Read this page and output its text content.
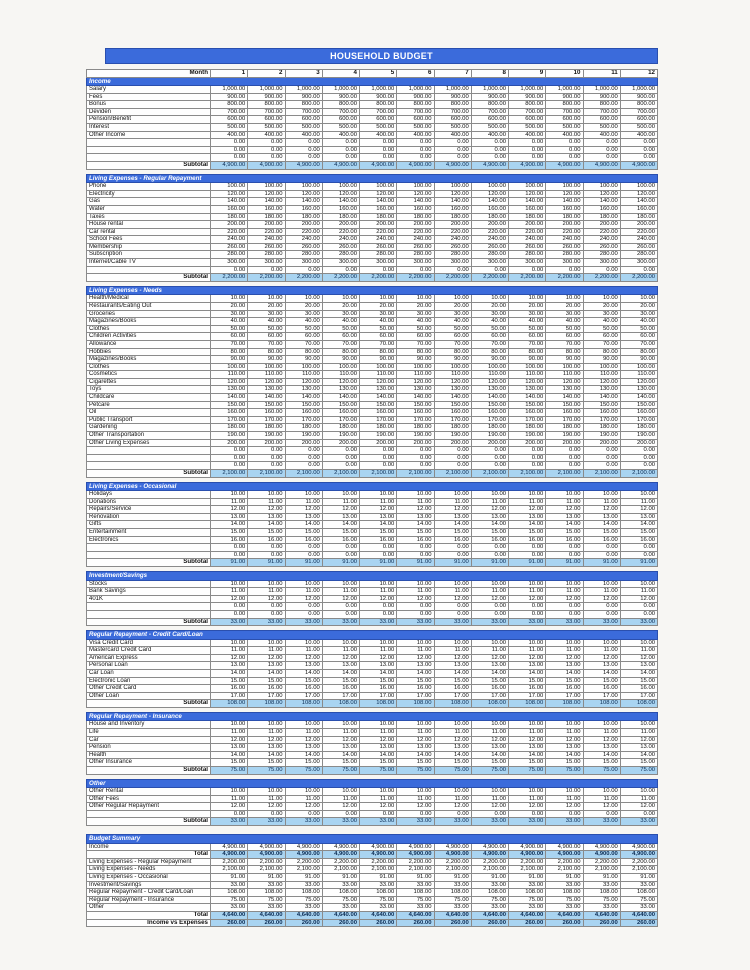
HOUSEHOLD BUDGET
Month	1	2	3	4	5	6	7	8	9	10	11	12
Income												
Salary	1,000.00	1,000.00	1,000.00	1,000.00	1,000.00	1,000.00	1,000.00	1,000.00	1,000.00	1,000.00	1,000.00	1,000.00
Fees	900.00	900.00	900.00	900.00	900.00	900.00	900.00	900.00	900.00	900.00	900.00	900.00
Bonus	800.00	800.00	800.00	800.00	800.00	800.00	800.00	800.00	800.00	800.00	800.00	800.00
Deviden	700.00	700.00	700.00	700.00	700.00	700.00	700.00	700.00	700.00	700.00	700.00	700.00
Pension/Benefit	600.00	600.00	600.00	600.00	600.00	600.00	600.00	600.00	600.00	600.00	600.00	600.00
Interest	500.00	500.00	500.00	500.00	500.00	500.00	500.00	500.00	500.00	500.00	500.00	500.00
Other Income	400.00	400.00	400.00	400.00	400.00	400.00	400.00	400.00	400.00	400.00	400.00	400.00
	0.00	0.00	0.00	0.00	0.00	0.00	0.00	0.00	0.00	0.00	0.00	0.00
	0.00	0.00	0.00	0.00	0.00	0.00	0.00	0.00	0.00	0.00	0.00	0.00
	0.00	0.00	0.00	0.00	0.00	0.00	0.00	0.00	0.00	0.00	0.00	0.00
Subtotal	4,900.00	4,900.00	4,900.00	4,900.00	4,900.00	4,900.00	4,900.00	4,900.00	4,900.00	4,900.00	4,900.00	4,900.00
Living Expenses - Regular Repayment												
Phone	100.00	100.00	100.00	100.00	100.00	100.00	100.00	100.00	100.00	100.00	100.00	100.00
Electricity	120.00	120.00	120.00	120.00	120.00	120.00	120.00	120.00	120.00	120.00	120.00	120.00
Gas	140.00	140.00	140.00	140.00	140.00	140.00	140.00	140.00	140.00	140.00	140.00	140.00
Water	160.00	160.00	160.00	160.00	160.00	160.00	160.00	160.00	160.00	160.00	160.00	160.00
Taxes	180.00	180.00	180.00	180.00	180.00	180.00	180.00	180.00	180.00	180.00	180.00	180.00
House rental	200.00	200.00	200.00	200.00	200.00	200.00	200.00	200.00	200.00	200.00	200.00	200.00
Car rental	220.00	220.00	220.00	220.00	220.00	220.00	220.00	220.00	220.00	220.00	220.00	220.00
School Fees	240.00	240.00	240.00	240.00	240.00	240.00	240.00	240.00	240.00	240.00	240.00	240.00
Membership	260.00	260.00	260.00	260.00	260.00	260.00	260.00	260.00	260.00	260.00	260.00	260.00
Subscription	280.00	280.00	280.00	280.00	280.00	280.00	280.00	280.00	280.00	280.00	280.00	280.00
Internet/Cable TV	300.00	300.00	300.00	300.00	300.00	300.00	300.00	300.00	300.00	300.00	300.00	300.00
	0.00	0.00	0.00	0.00	0.00	0.00	0.00	0.00	0.00	0.00	0.00	0.00
Subtotal	2,200.00	2,200.00	2,200.00	2,200.00	2,200.00	2,200.00	2,200.00	2,200.00	2,200.00	2,200.00	2,200.00	2,200.00
Living Expenses - Needs												
Health/Medical	10.00	10.00	10.00	10.00	10.00	10.00	10.00	10.00	10.00	10.00	10.00	10.00
Restaurants/Eating Out	20.00	20.00	20.00	20.00	20.00	20.00	20.00	20.00	20.00	20.00	20.00	20.00
Groceries	30.00	30.00	30.00	30.00	30.00	30.00	30.00	30.00	30.00	30.00	30.00	30.00
Magazines/Books	40.00	40.00	40.00	40.00	40.00	40.00	40.00	40.00	40.00	40.00	40.00	40.00
Clothes	50.00	50.00	50.00	50.00	50.00	50.00	50.00	50.00	50.00	50.00	50.00	50.00
Children Activities	60.00	60.00	60.00	60.00	60.00	60.00	60.00	60.00	60.00	60.00	60.00	60.00
Allowance	70.00	70.00	70.00	70.00	70.00	70.00	70.00	70.00	70.00	70.00	70.00	70.00
Hobbies	80.00	80.00	80.00	80.00	80.00	80.00	80.00	80.00	80.00	80.00	80.00	80.00
Magazines/Books	90.00	90.00	90.00	90.00	90.00	90.00	90.00	90.00	90.00	90.00	90.00	90.00
Clothes	100.00	100.00	100.00	100.00	100.00	100.00	100.00	100.00	100.00	100.00	100.00	100.00
Cosmetics	110.00	110.00	110.00	110.00	110.00	110.00	110.00	110.00	110.00	110.00	110.00	110.00
Cigarettes	120.00	120.00	120.00	120.00	120.00	120.00	120.00	120.00	120.00	120.00	120.00	120.00
Toys	130.00	130.00	130.00	130.00	130.00	130.00	130.00	130.00	130.00	130.00	130.00	130.00
Childcare	140.00	140.00	140.00	140.00	140.00	140.00	140.00	140.00	140.00	140.00	140.00	140.00
Petcare	150.00	150.00	150.00	150.00	150.00	150.00	150.00	150.00	150.00	150.00	150.00	150.00
Oil	160.00	160.00	160.00	160.00	160.00	160.00	160.00	160.00	160.00	160.00	160.00	160.00
Public Transport	170.00	170.00	170.00	170.00	170.00	170.00	170.00	170.00	170.00	170.00	170.00	170.00
Gardening	180.00	180.00	180.00	180.00	180.00	180.00	180.00	180.00	180.00	180.00	180.00	180.00
Other Transportation	190.00	190.00	190.00	190.00	190.00	190.00	190.00	190.00	190.00	190.00	190.00	190.00
Other Living Expenses	200.00	200.00	200.00	200.00	200.00	200.00	200.00	200.00	200.00	200.00	200.00	200.00
	0.00	0.00	0.00	0.00	0.00	0.00	0.00	0.00	0.00	0.00	0.00	0.00
	0.00	0.00	0.00	0.00	0.00	0.00	0.00	0.00	0.00	0.00	0.00	0.00
	0.00	0.00	0.00	0.00	0.00	0.00	0.00	0.00	0.00	0.00	0.00	0.00
Subtotal	2,100.00	2,100.00	2,100.00	2,100.00	2,100.00	2,100.00	2,100.00	2,100.00	2,100.00	2,100.00	2,100.00	2,100.00
Living Expenses - Occasional												
Holidays	10.00	10.00	10.00	10.00	10.00	10.00	10.00	10.00	10.00	10.00	10.00	10.00
Donations	11.00	11.00	11.00	11.00	11.00	11.00	11.00	11.00	11.00	11.00	11.00	11.00
Repairs/Service	12.00	12.00	12.00	12.00	12.00	12.00	12.00	12.00	12.00	12.00	12.00	12.00
Renovation	13.00	13.00	13.00	13.00	13.00	13.00	13.00	13.00	13.00	13.00	13.00	13.00
Gifts	14.00	14.00	14.00	14.00	14.00	14.00	14.00	14.00	14.00	14.00	14.00	14.00
Entertainment	15.00	15.00	15.00	15.00	15.00	15.00	15.00	15.00	15.00	15.00	15.00	15.00
Electronics	16.00	16.00	16.00	16.00	16.00	16.00	16.00	16.00	16.00	16.00	16.00	16.00
	0.00	0.00	0.00	0.00	0.00	0.00	0.00	0.00	0.00	0.00	0.00	0.00
	0.00	0.00	0.00	0.00	0.00	0.00	0.00	0.00	0.00	0.00	0.00	0.00
Subtotal	91.00	91.00	91.00	91.00	91.00	91.00	91.00	91.00	91.00	91.00	91.00	91.00
Investment/Savings												
Stocks	10.00	10.00	10.00	10.00	10.00	10.00	10.00	10.00	10.00	10.00	10.00	10.00
Bank Savings	11.00	11.00	11.00	11.00	11.00	11.00	11.00	11.00	11.00	11.00	11.00	11.00
401K	12.00	12.00	12.00	12.00	12.00	12.00	12.00	12.00	12.00	12.00	12.00	12.00
	0.00	0.00	0.00	0.00	0.00	0.00	0.00	0.00	0.00	0.00	0.00	0.00
	0.00	0.00	0.00	0.00	0.00	0.00	0.00	0.00	0.00	0.00	0.00	0.00
Subtotal	33.00	33.00	33.00	33.00	33.00	33.00	33.00	33.00	33.00	33.00	33.00	33.00
Regular Repayment - Credit Card/Loan												
Visa Credit Card	10.00	10.00	10.00	10.00	10.00	10.00	10.00	10.00	10.00	10.00	10.00	10.00
Mastercard Credit Card	11.00	11.00	11.00	11.00	11.00	11.00	11.00	11.00	11.00	11.00	11.00	11.00
American Express	12.00	12.00	12.00	12.00	12.00	12.00	12.00	12.00	12.00	12.00	12.00	12.00
Personal Loan	13.00	13.00	13.00	13.00	13.00	13.00	13.00	13.00	13.00	13.00	13.00	13.00
Car Loan	14.00	14.00	14.00	14.00	14.00	14.00	14.00	14.00	14.00	14.00	14.00	14.00
Electronic Loan	15.00	15.00	15.00	15.00	15.00	15.00	15.00	15.00	15.00	15.00	15.00	15.00
Other Credit Card	16.00	16.00	16.00	16.00	16.00	16.00	16.00	16.00	16.00	16.00	16.00	16.00
Other Loan	17.00	17.00	17.00	17.00	17.00	17.00	17.00	17.00	17.00	17.00	17.00	17.00
Subtotal	108.00	108.00	108.00	108.00	108.00	108.00	108.00	108.00	108.00	108.00	108.00	108.00
Regular Repayment - Insurance												
House and Inventory	10.00	10.00	10.00	10.00	10.00	10.00	10.00	10.00	10.00	10.00	10.00	10.00
Life	11.00	11.00	11.00	11.00	11.00	11.00	11.00	11.00	11.00	11.00	11.00	11.00
Car	12.00	12.00	12.00	12.00	12.00	12.00	12.00	12.00	12.00	12.00	12.00	12.00
Pension	13.00	13.00	13.00	13.00	13.00	13.00	13.00	13.00	13.00	13.00	13.00	13.00
Health	14.00	14.00	14.00	14.00	14.00	14.00	14.00	14.00	14.00	14.00	14.00	14.00
Other Insurance	15.00	15.00	15.00	15.00	15.00	15.00	15.00	15.00	15.00	15.00	15.00	15.00
Subtotal	75.00	75.00	75.00	75.00	75.00	75.00	75.00	75.00	75.00	75.00	75.00	75.00
Other												
Other Rental	10.00	10.00	10.00	10.00	10.00	10.00	10.00	10.00	10.00	10.00	10.00	10.00
Other Fees	11.00	11.00	11.00	11.00	11.00	11.00	11.00	11.00	11.00	11.00	11.00	11.00
Other Regular Repayment	12.00	12.00	12.00	12.00	12.00	12.00	12.00	12.00	12.00	12.00	12.00	12.00
	0.00	0.00	0.00	0.00	0.00	0.00	0.00	0.00	0.00	0.00	0.00	0.00
Subtotal	33.00	33.00	33.00	33.00	33.00	33.00	33.00	33.00	33.00	33.00	33.00	33.00
Budget Summary												
Income	4,900.00	4,900.00	4,900.00	4,900.00	4,900.00	4,900.00	4,900.00	4,900.00	4,900.00	4,900.00	4,900.00	4,900.00
Total	4,900.00	4,900.00	4,900.00	4,900.00	4,900.00	4,900.00	4,900.00	4,900.00	4,900.00	4,900.00	4,900.00	4,900.00
Living Expenses - Regular Repayment	2,200.00	2,200.00	2,200.00	2,200.00	2,200.00	2,200.00	2,200.00	2,200.00	2,200.00	2,200.00	2,200.00	2,200.00
Living Expenses - Needs	2,100.00	2,100.00	2,100.00	2,100.00	2,100.00	2,100.00	2,100.00	2,100.00	2,100.00	2,100.00	2,100.00	2,100.00
Living Expenses - Occasional	91.00	91.00	91.00	91.00	91.00	91.00	91.00	91.00	91.00	91.00	91.00	91.00
Investment/Savings	33.00	33.00	33.00	33.00	33.00	33.00	33.00	33.00	33.00	33.00	33.00	33.00
Regular Repayment - Credit Card/Loan	108.00	108.00	108.00	108.00	108.00	108.00	108.00	108.00	108.00	108.00	108.00	108.00
Regular Repayment - Insurance	75.00	75.00	75.00	75.00	75.00	75.00	75.00	75.00	75.00	75.00	75.00	75.00
Other	33.00	33.00	33.00	33.00	33.00	33.00	33.00	33.00	33.00	33.00	33.00	33.00
Total	4,640.00	4,640.00	4,640.00	4,640.00	4,640.00	4,640.00	4,640.00	4,640.00	4,640.00	4,640.00	4,640.00	4,640.00
Income vs Expenses	260.00	260.00	260.00	260.00	260.00	260.00	260.00	260.00	260.00	260.00	260.00	260.00
